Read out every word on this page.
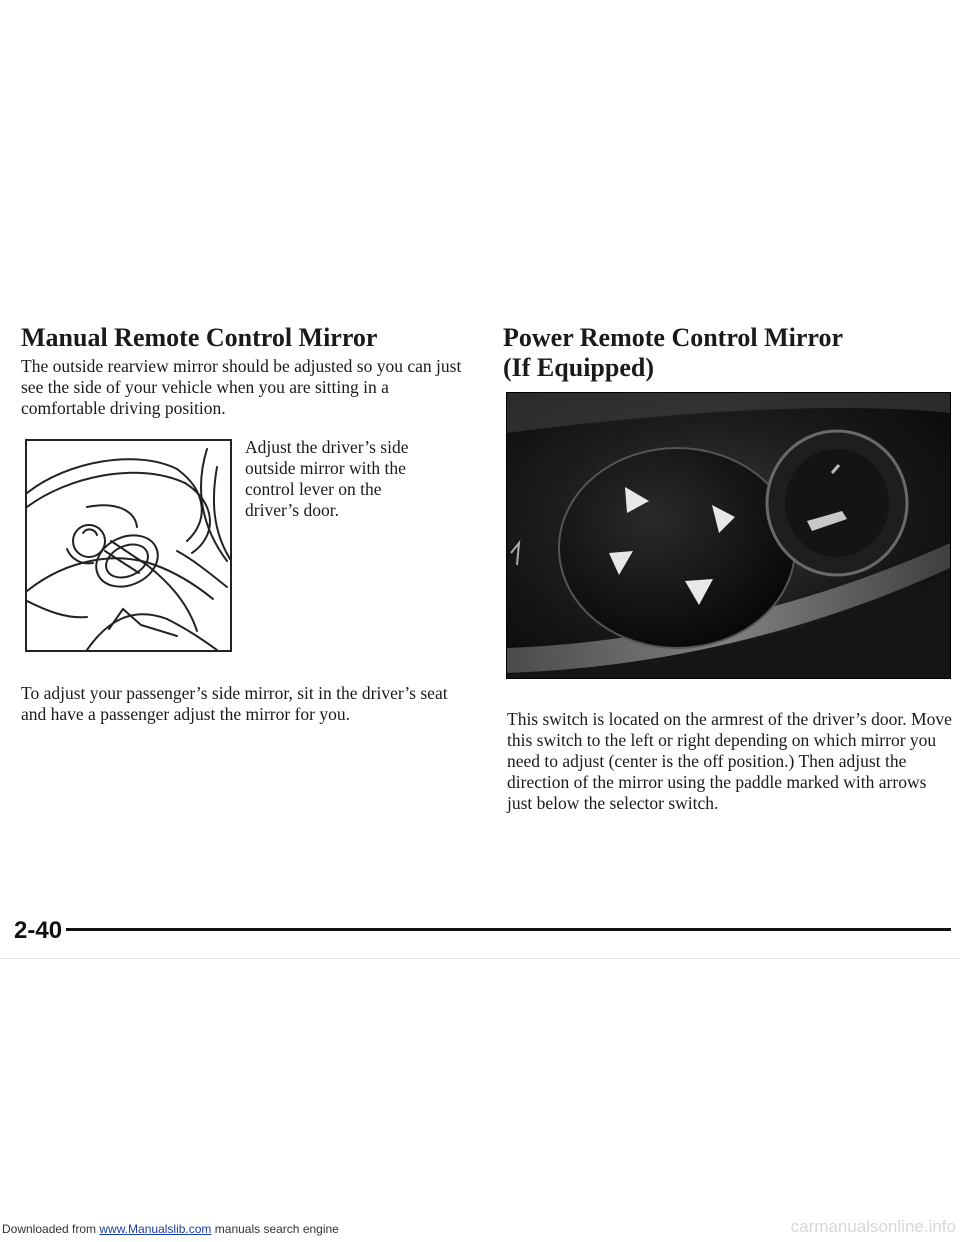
Manual Remote Control Mirror

The outside rearview mirror should be adjusted so you can just see the side of your vehicle when you are sitting in a comfortable driving position.

Adjust the driver’s side
outside mirror with the
control lever on the
driver’s door.

To adjust your passenger’s side mirror, sit in the driver’s seat and have a passenger adjust the mirror for you.

Power Remote Control Mirror
(If Equipped)

This switch is located on the armrest of the driver’s door. Move this switch to the left or right depending on which mirror you need to adjust (center is the off position.) Then adjust the direction of the mirror using the paddle marked with arrows just below the selector switch.

2-40
Downloaded from www.Manualslib.com manuals search engine	carmanualsonline.info
